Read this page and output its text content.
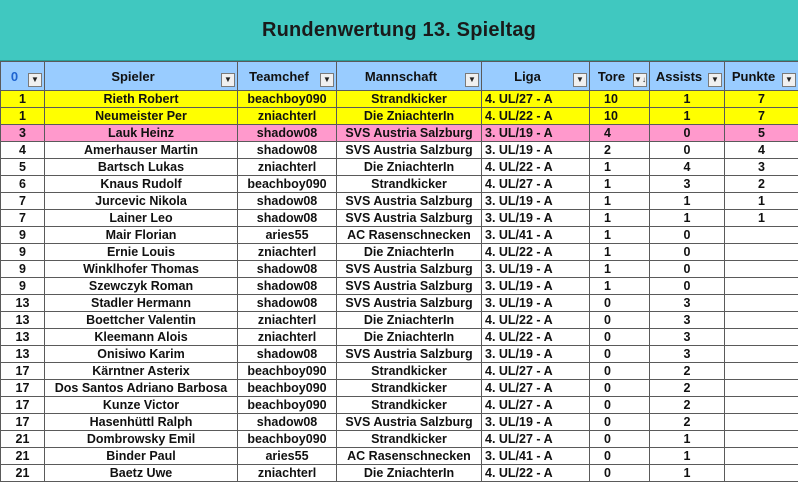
Rundenwertung 13. Spieltag
0 ▼	Spieler ▼	Teamchef ▼	Mannschaft ▼	Liga ▼	Tore ▼↓	Assists ▼	Punkte ▼

1	Rieth Robert	beachboy090	Strandkicker	4. UL/27 - A	10	1	7
1	Neumeister Per	zniachterl	Die ZniachterIn	4. UL/22 - A	10	1	7
3	Lauk Heinz	shadow08	SVS Austria Salzburg	3. UL/19 - A	4	0	5
4	Amerhauser Martin	shadow08	SVS Austria Salzburg	3. UL/19 - A	2	0	4
5	Bartsch Lukas	zniachterl	Die ZniachterIn	4. UL/22 - A	1	4	3
6	Knaus Rudolf	beachboy090	Strandkicker	4. UL/27 - A	1	3	2
7	Jurcevic Nikola	shadow08	SVS Austria Salzburg	3. UL/19 - A	1	1	1
7	Lainer Leo	shadow08	SVS Austria Salzburg	3. UL/19 - A	1	1	1
9	Mair Florian	aries55	AC Rasenschnecken	3. UL/41 - A	1	0	
9	Ernie Louis	zniachterl	Die ZniachterIn	4. UL/22 - A	1	0	
9	Winklhofer Thomas	shadow08	SVS Austria Salzburg	3. UL/19 - A	1	0	
9	Szewczyk Roman	shadow08	SVS Austria Salzburg	3. UL/19 - A	1	0	
13	Stadler Hermann	shadow08	SVS Austria Salzburg	3. UL/19 - A	0	3	
13	Boettcher Valentin	zniachterl	Die ZniachterIn	4. UL/22 - A	0	3	
13	Kleemann Alois	zniachterl	Die ZniachterIn	4. UL/22 - A	0	3	
13	Onisiwo Karim	shadow08	SVS Austria Salzburg	3. UL/19 - A	0	3	
17	Kärntner Asterix	beachboy090	Strandkicker	4. UL/27 - A	0	2	
17	Dos Santos Adriano Barbosa	beachboy090	Strandkicker	4. UL/27 - A	0	2	
17	Kunze Victor	beachboy090	Strandkicker	4. UL/27 - A	0	2	
17	Hasenhüttl Ralph	shadow08	SVS Austria Salzburg	3. UL/19 - A	0	2	
21	Dombrowsky Emil	beachboy090	Strandkicker	4. UL/27 - A	0	1	
21	Binder Paul	aries55	AC Rasenschnecken	3. UL/41 - A	0	1	
21	Baetz Uwe	zniachterl	Die ZniachterIn	4. UL/22 - A	0	1	
